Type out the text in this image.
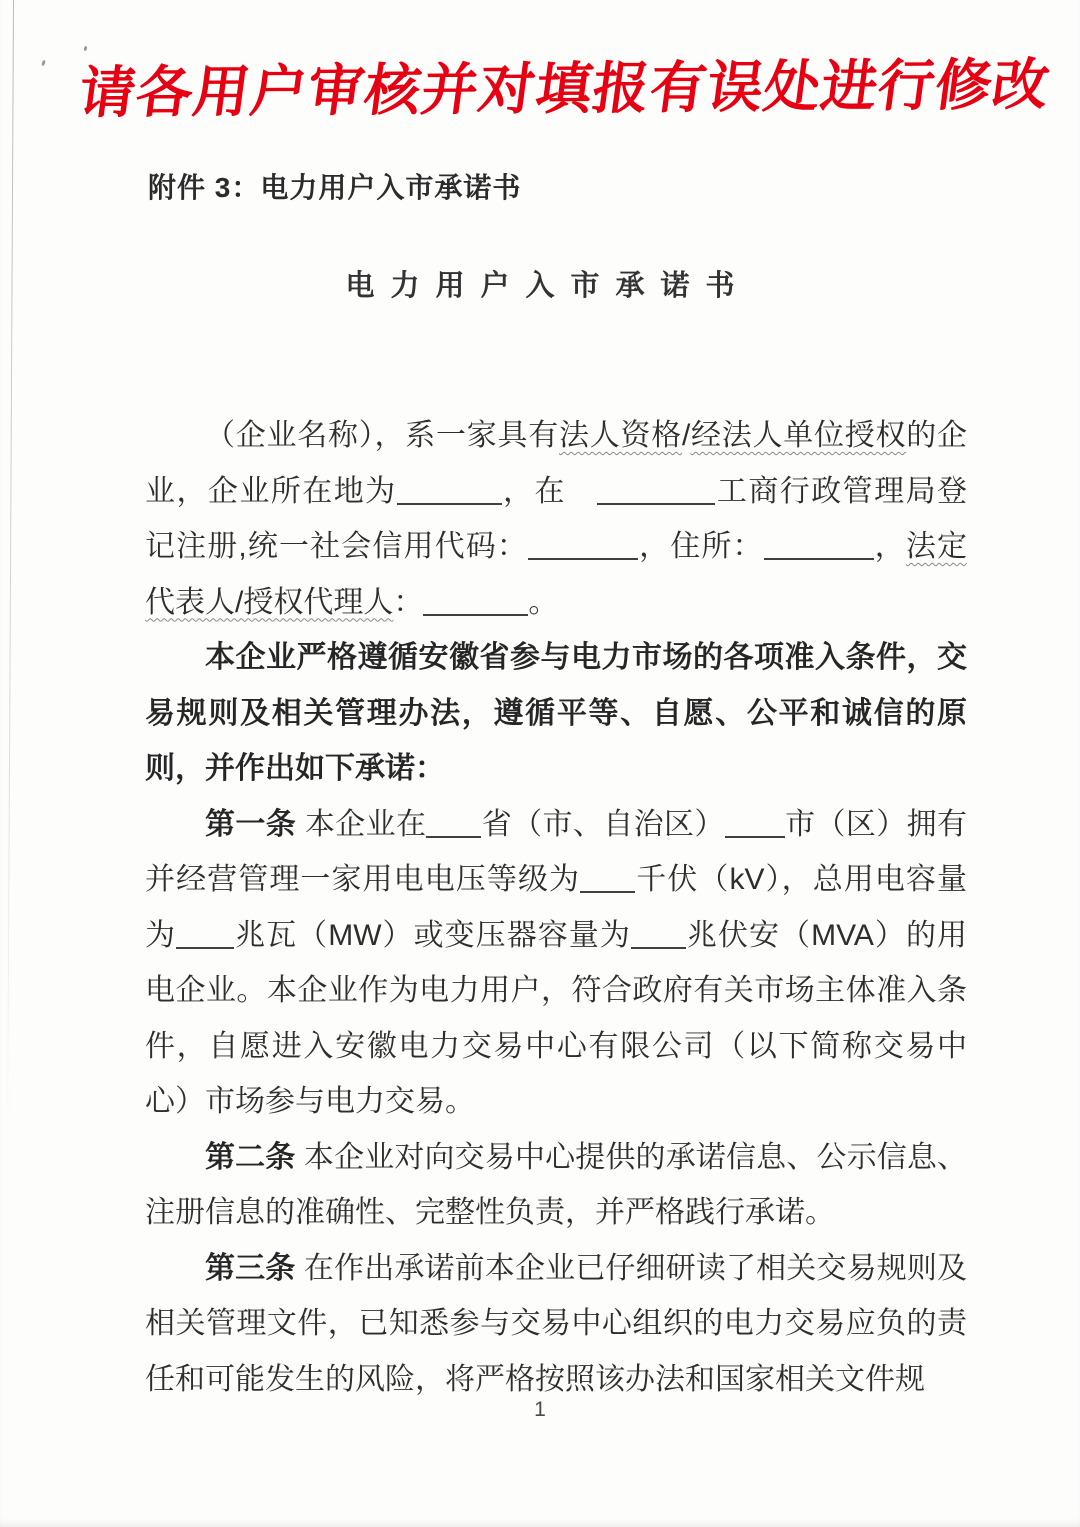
请各用户审核并对填报有误处进行修改
附件 3：电力用户入市承诺书
电力用户入市承诺书

（企业名称），系一家具有法人资格/经法人单位授权的企业，企业所在地为	，在　	工商行政管理局登记注册,统一社会信用代码：	，住所：	，法定代表人/授权代理人：	。

本企业严格遵循安徽省参与电力市场的各项准入条件，交易规则及相关管理办法，遵循平等、自愿、公平和诚信的原则，并作出如下承诺：

第一条 本企业在 省（市、自治区） 市（区）拥有并经营管理一家用电电压等级为 千伏（kV），总用电容量为 兆瓦（MW）或变压器容量为 兆伏安（MVA）的用电企业。本企业作为电力用户，符合政府有关市场主体准入条件，自愿进入安徽电力交易中心有限公司（以下简称交易中心）市场参与电力交易。

第二条 本企业对向交易中心提供的承诺信息、公示信息、注册信息的准确性、完整性负责，并严格践行承诺。

第三条 在作出承诺前本企业已仔细研读了相关交易规则及相关管理文件，已知悉参与交易中心组织的电力交易应负的责任和可能发生的风险，将严格按照该办法和国家相关文件规

1
